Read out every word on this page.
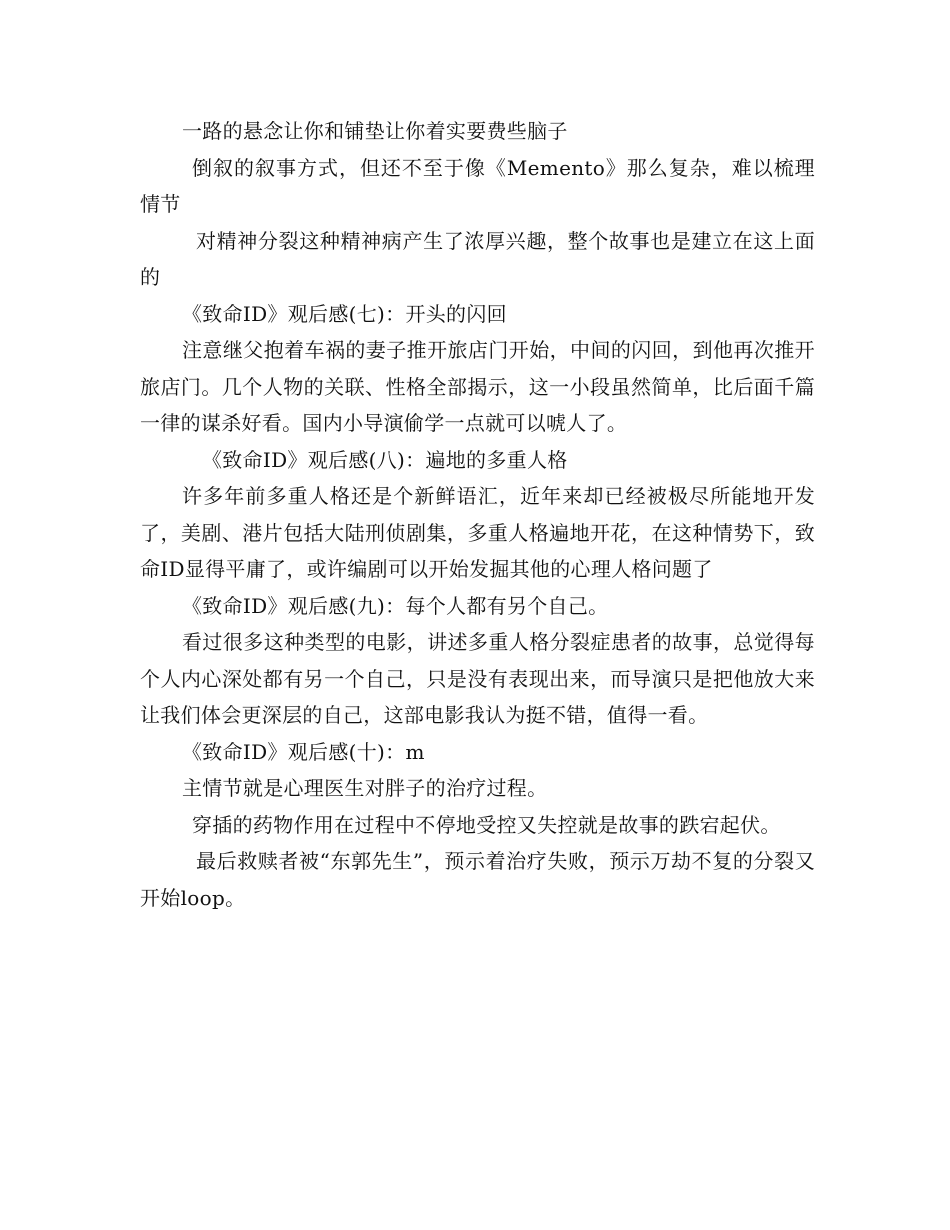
一路的悬念让你和铺垫让你着实要费些脑子

倒叙的叙事方式，但还不至于像《Memento》那么复杂，难以梳理情节

对精神分裂这种精神病产生了浓厚兴趣，整个故事也是建立在这上面的

《致命ID》观后感(七)：开头的闪回

注意继父抱着车祸的妻子推开旅店门开始，中间的闪回，到他再次推开旅店门。几个人物的关联、性格全部揭示，这一小段虽然简单，比后面千篇一律的谋杀好看。国内小导演偷学一点就可以唬人了。

《致命ID》观后感(八)：遍地的多重人格

许多年前多重人格还是个新鲜语汇，近年来却已经被极尽所能地开发了，美剧、港片包括大陆刑侦剧集，多重人格遍地开花，在这种情势下，致命ID显得平庸了，或许编剧可以开始发掘其他的心理人格问题了

《致命ID》观后感(九)：每个人都有另个自己。

看过很多这种类型的电影，讲述多重人格分裂症患者的故事，总觉得每个人内心深处都有另一个自己，只是没有表现出来，而导演只是把他放大来让我们体会更深层的自己，这部电影我认为挺不错，值得一看。

《致命ID》观后感(十)：m

主情节就是心理医生对胖子的治疗过程。

穿插的药物作用在过程中不停地受控又失控就是故事的跌宕起伏。

最后救赎者被“东郭先生”，预示着治疗失败，预示万劫不复的分裂又开始loop。
